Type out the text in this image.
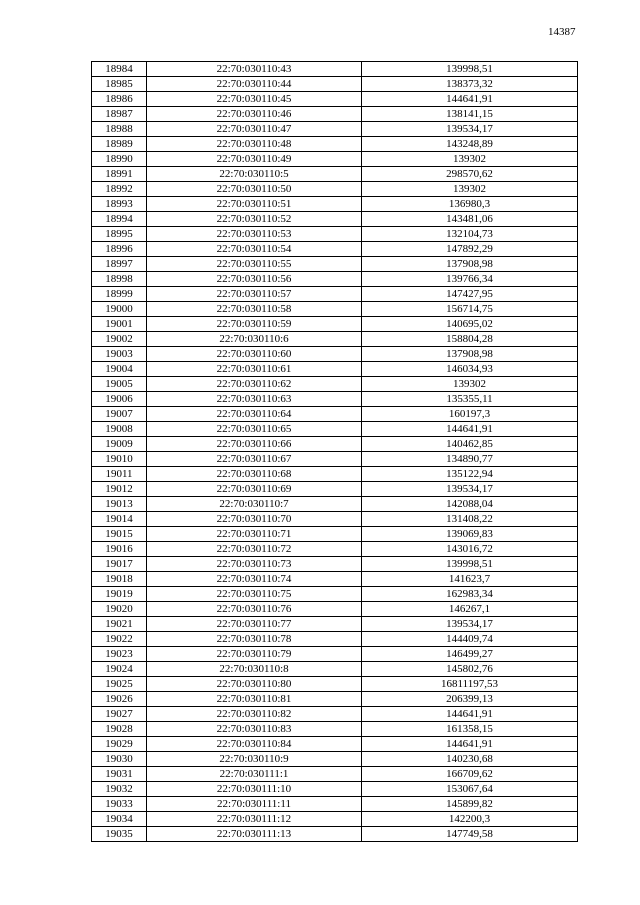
14387
18984	22:70:030110:43	139998,51
18985	22:70:030110:44	138373,32
18986	22:70:030110:45	144641,91
18987	22:70:030110:46	138141,15
18988	22:70:030110:47	139534,17
18989	22:70:030110:48	143248,89
18990	22:70:030110:49	139302
18991	22:70:030110:5	298570,62
18992	22:70:030110:50	139302
18993	22:70:030110:51	136980,3
18994	22:70:030110:52	143481,06
18995	22:70:030110:53	132104,73
18996	22:70:030110:54	147892,29
18997	22:70:030110:55	137908,98
18998	22:70:030110:56	139766,34
18999	22:70:030110:57	147427,95
19000	22:70:030110:58	156714,75
19001	22:70:030110:59	140695,02
19002	22:70:030110:6	158804,28
19003	22:70:030110:60	137908,98
19004	22:70:030110:61	146034,93
19005	22:70:030110:62	139302
19006	22:70:030110:63	135355,11
19007	22:70:030110:64	160197,3
19008	22:70:030110:65	144641,91
19009	22:70:030110:66	140462,85
19010	22:70:030110:67	134890,77
19011	22:70:030110:68	135122,94
19012	22:70:030110:69	139534,17
19013	22:70:030110:7	142088,04
19014	22:70:030110:70	131408,22
19015	22:70:030110:71	139069,83
19016	22:70:030110:72	143016,72
19017	22:70:030110:73	139998,51
19018	22:70:030110:74	141623,7
19019	22:70:030110:75	162983,34
19020	22:70:030110:76	146267,1
19021	22:70:030110:77	139534,17
19022	22:70:030110:78	144409,74
19023	22:70:030110:79	146499,27
19024	22:70:030110:8	145802,76
19025	22:70:030110:80	16811197,53
19026	22:70:030110:81	206399,13
19027	22:70:030110:82	144641,91
19028	22:70:030110:83	161358,15
19029	22:70:030110:84	144641,91
19030	22:70:030110:9	140230,68
19031	22:70:030111:1	166709,62
19032	22:70:030111:10	153067,64
19033	22:70:030111:11	145899,82
19034	22:70:030111:12	142200,3
19035	22:70:030111:13	147749,58
